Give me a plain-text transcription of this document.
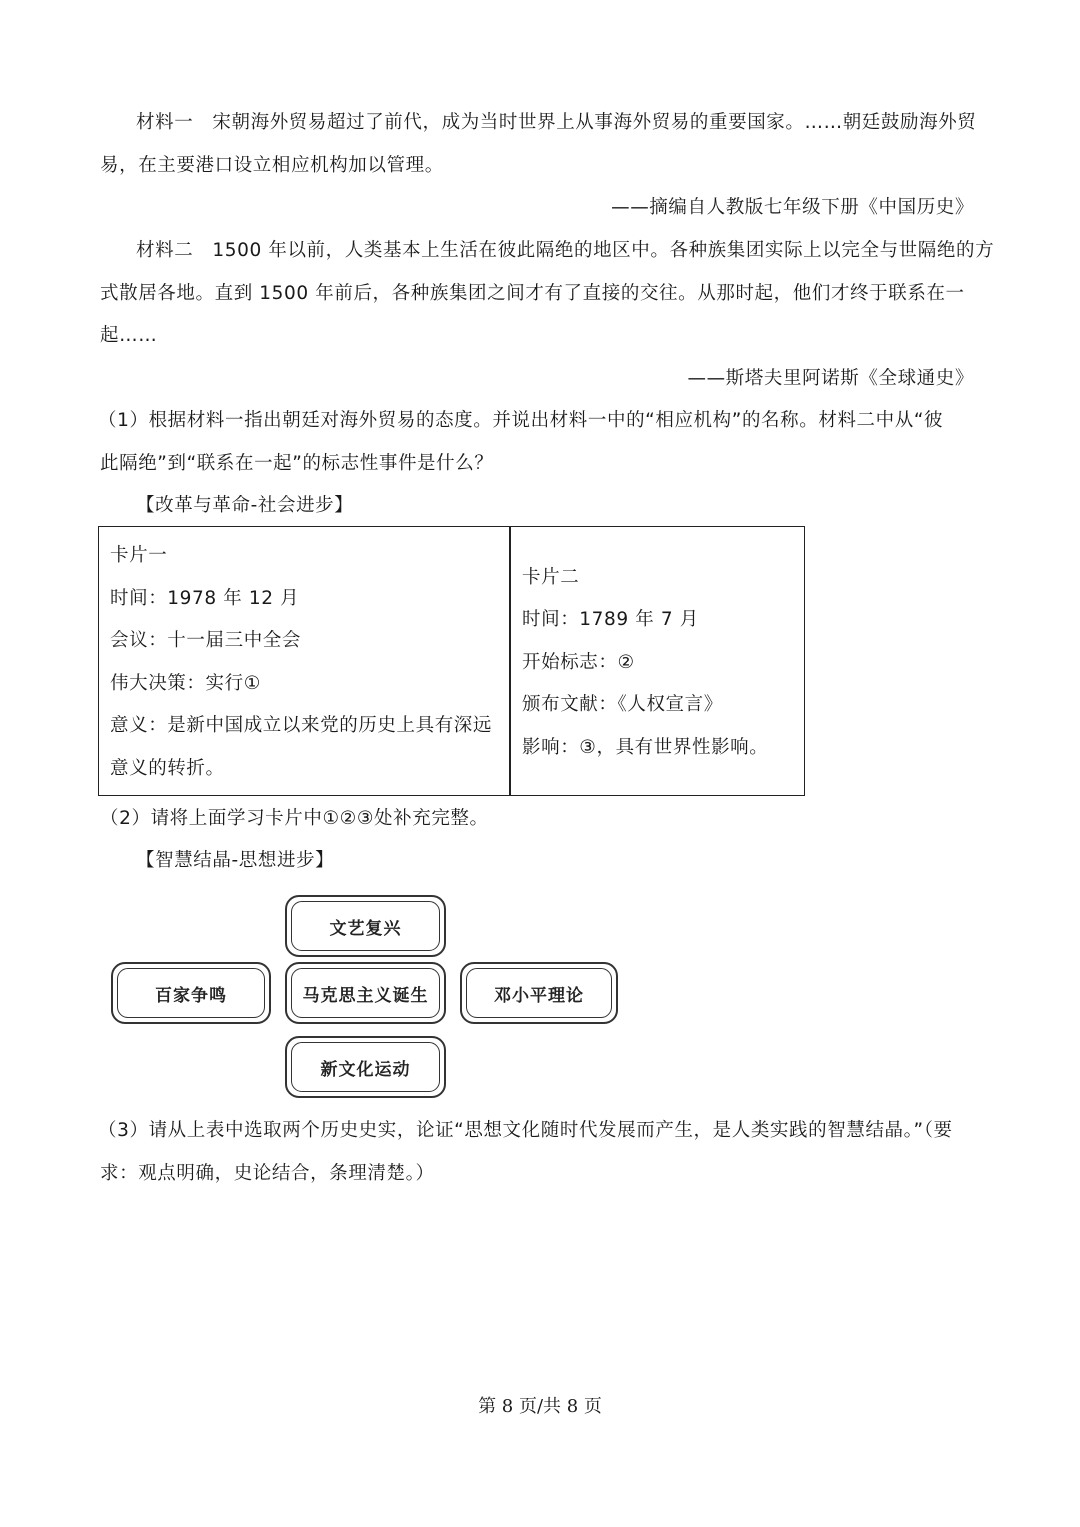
材料一　宋朝海外贸易超过了前代，成为当时世界上从事海外贸易的重要国家。……朝廷鼓励海外贸
易，在主要港口设立相应机构加以管理。
——摘编自人教版七年级下册《中国历史》
材料二　1500 年以前，人类基本上生活在彼此隔绝的地区中。各种族集团实际上以完全与世隔绝的方
式散居各地。直到 1500 年前后，各种族集团之间才有了直接的交往。从那时起，他们才终于联系在一
起……
——斯塔夫里阿诺斯《全球通史》
（1）根据材料一指出朝廷对海外贸易的态度。并说出材料一中的“相应机构”的名称。材料二中从“彼
此隔绝”到“联系在一起”的标志性事件是什么？
【改革与革命-社会进步】
卡片一
时间：1978 年 12 月
会议：十一届三中全会
伟大决策：实行①
意义：是新中国成立以来党的历史上具有深远
意义的转折。
卡片二
时间：1789 年 7 月
开始标志：②
颁布文献：《人权宣言》
影响：③，具有世界性影响。
（2）请将上面学习卡片中①②③处补充完整。
【智慧结晶-思想进步】
文艺复兴
百家争鸣	马克思主义诞生	邓小平理论
新文化运动
（3）请从上表中选取两个历史史实，论证“思想文化随时代发展而产生，是人类实践的智慧结晶。”（要
求：观点明确，史论结合，条理清楚。）
第 8 页/共 8 页
